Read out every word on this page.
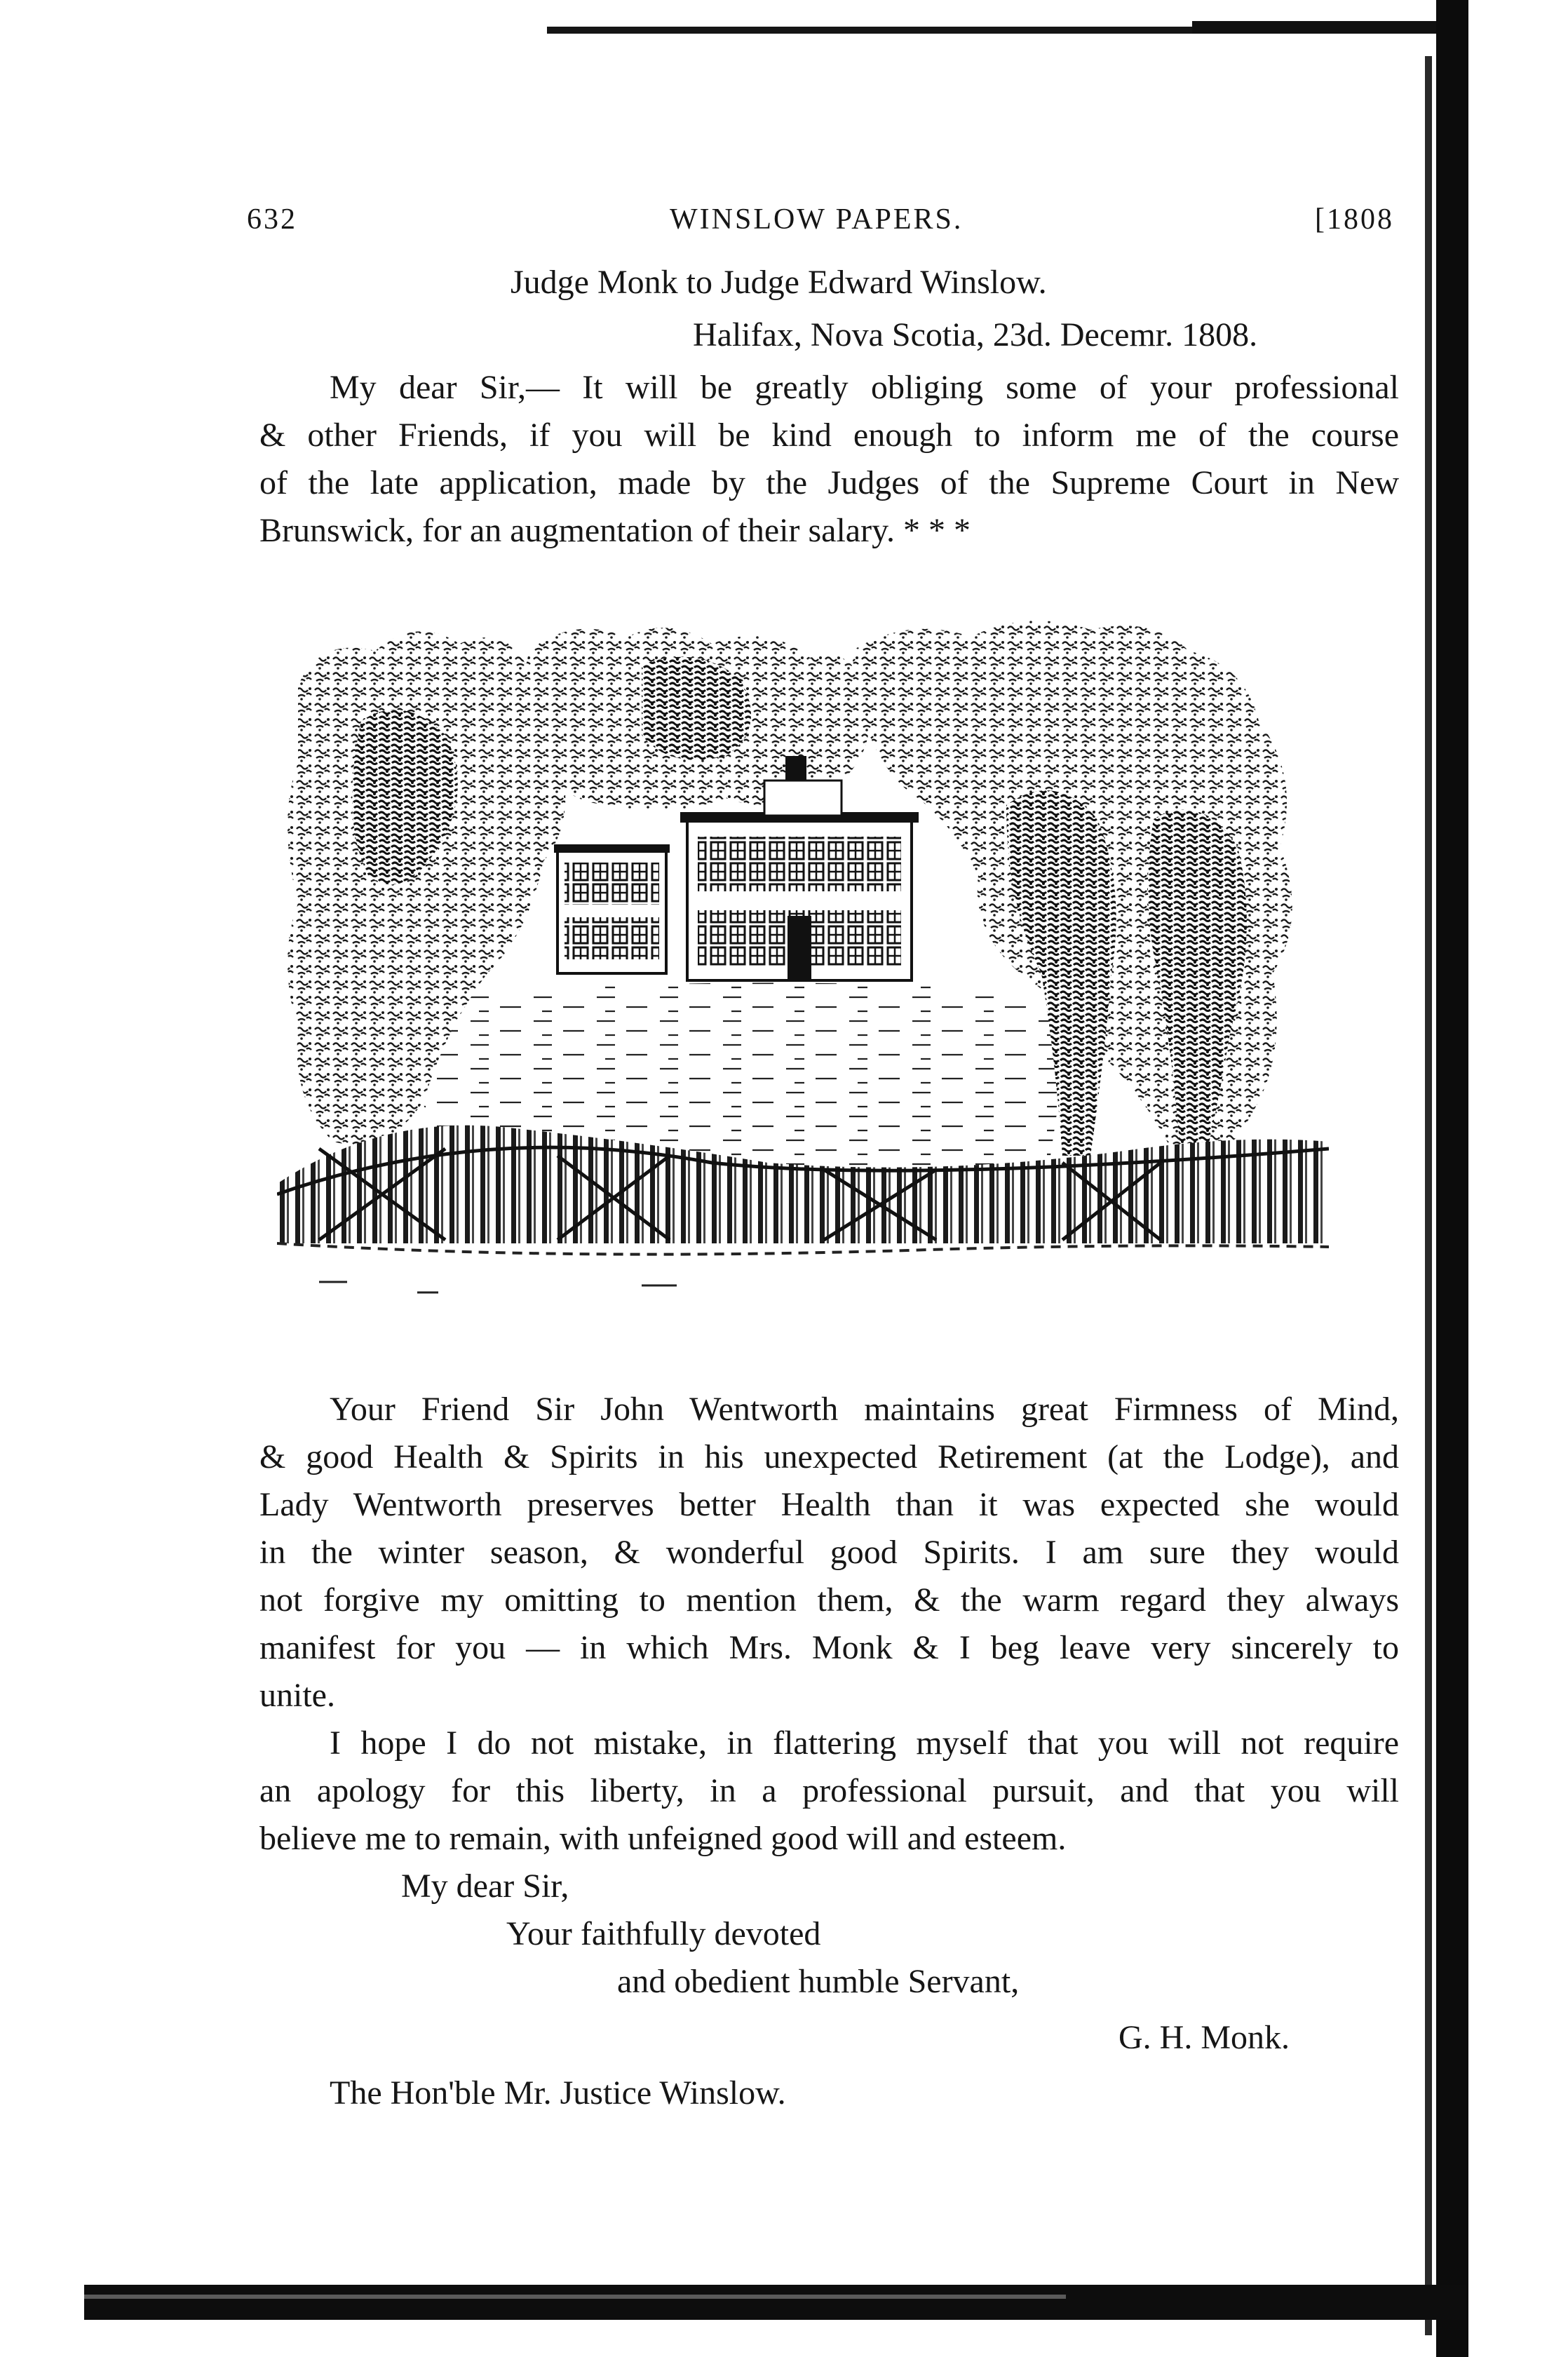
632	WINSLOW PAPERS.	[1808
Judge Monk to Judge Edward Winslow.
Halifax, Nova Scotia, 23d. Decemr. 1808.
My dear Sir,— It will be greatly obliging some of your professional
& other Friends, if you will be kind enough to inform me of the course
of the late application, made by the Judges of the Supreme Court in New
Brunswick, for an augmentation of their salary. * * *
Your Friend Sir John Wentworth maintains great Firmness of Mind,
& good Health & Spirits in his unexpected Retirement (at the Lodge), and
Lady Wentworth preserves better Health than it was expected she would
in the winter season, & wonderful good Spirits. I am sure they would
not forgive my omitting to mention them, & the warm regard they always
manifest for you — in which Mrs. Monk & I beg leave very sincerely to
unite.
I hope I do not mistake, in flattering myself that you will not require
an apology for this liberty, in a professional pursuit, and that you will
believe me to remain, with unfeigned good will and esteem.
My dear Sir,
Your faithfully devoted
and obedient humble Servant,
G. H. Monk.
The Hon'ble Mr. Justice Winslow.
